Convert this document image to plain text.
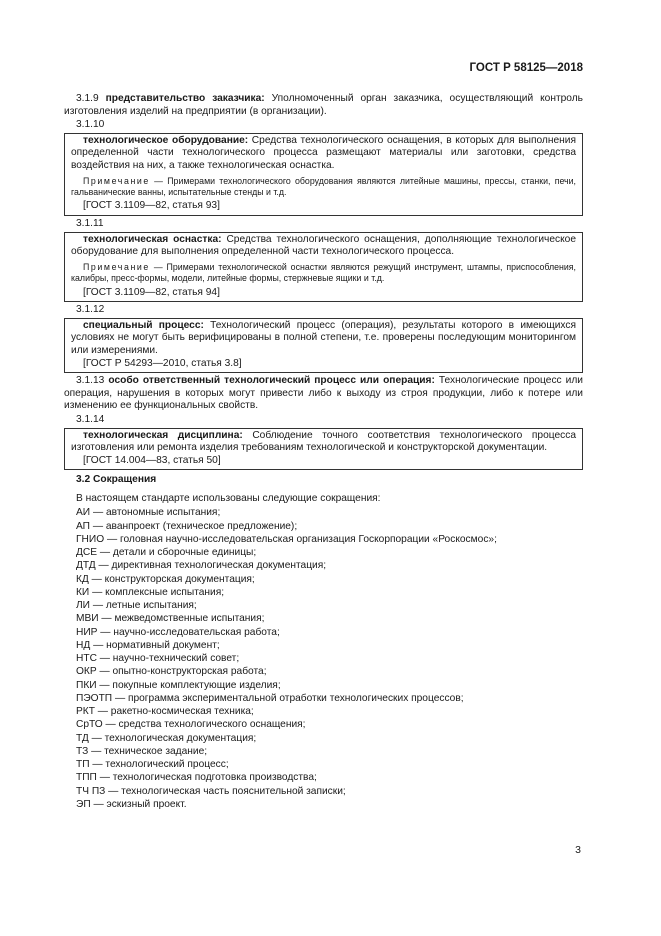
ГОСТ Р 58125—2018

3.1.9 представительство заказчика: Уполномоченный орган заказчика, осуществляющий контроль изготовления изделий на предприятии (в организации).

3.1.10

технологическое оборудование: Средства технологического оснащения, в которых для выполнения определенной части технологического процесса размещают материалы или заготовки, средства воздействия на них, а также технологическая оснастка.

Примечание — Примерами технологического оборудования являются литейные машины, прессы, станки, печи, гальванические ванны, испытательные стенды и т.д.

[ГОСТ 3.1109—82, статья 93]

3.1.11

технологическая оснастка: Средства технологического оснащения, дополняющие технологическое оборудование для выполнения определенной части технологического процесса.

Примечание — Примерами технологической оснастки являются режущий инструмент, штампы, приспособления, калибры, пресс-формы, модели, литейные формы, стержневые ящики и т.д.

[ГОСТ 3.1109—82, статья 94]

3.1.12

специальный процесс: Технологический процесс (операция), результаты которого в имеющихся условиях не могут быть верифицированы в полной степени, т.е. проверены последующим мониторингом или измерениями.

[ГОСТ Р 54293—2010, статья 3.8]

3.1.13 особо ответственный технологический процесс или операция: Технологические процесс или операция, нарушения в которых могут привести либо к выходу из строя продукции, либо к потере или изменению ее функциональных свойств.

3.1.14

технологическая дисциплина: Соблюдение точного соответствия технологического процесса изготовления или ремонта изделия требованиям технологической и конструкторской документации.

[ГОСТ 14.004—83, статья 50]

3.2 Сокращения

В настоящем стандарте использованы следующие сокращения:

АИ — автономные испытания;

АП — аванпроект (техническое предложение);

ГНИО — головная научно-исследовательская организация Госкорпорации «Роскосмос»;

ДСЕ — детали и сборочные единицы;

ДТД — директивная технологическая документация;

КД — конструкторская документация;

КИ — комплексные испытания;

ЛИ — летные испытания;

МВИ — межведомственные испытания;

НИР — научно-исследовательская работа;

НД — нормативный документ;

НТС — научно-технический совет;

ОКР — опытно-конструкторская работа;

ПКИ — покупные комплектующие изделия;

ПЭОТП — программа экспериментальной отработки технологических процессов;

РКТ — ракетно-космическая техника;

СрТО — средства технологического оснащения;

ТД — технологическая документация;

ТЗ — техническое задание;

ТП — технологический процесс;

ТПП — технологическая подготовка производства;

ТЧ ПЗ — технологическая часть пояснительной записки;

ЭП — эскизный проект.

3
